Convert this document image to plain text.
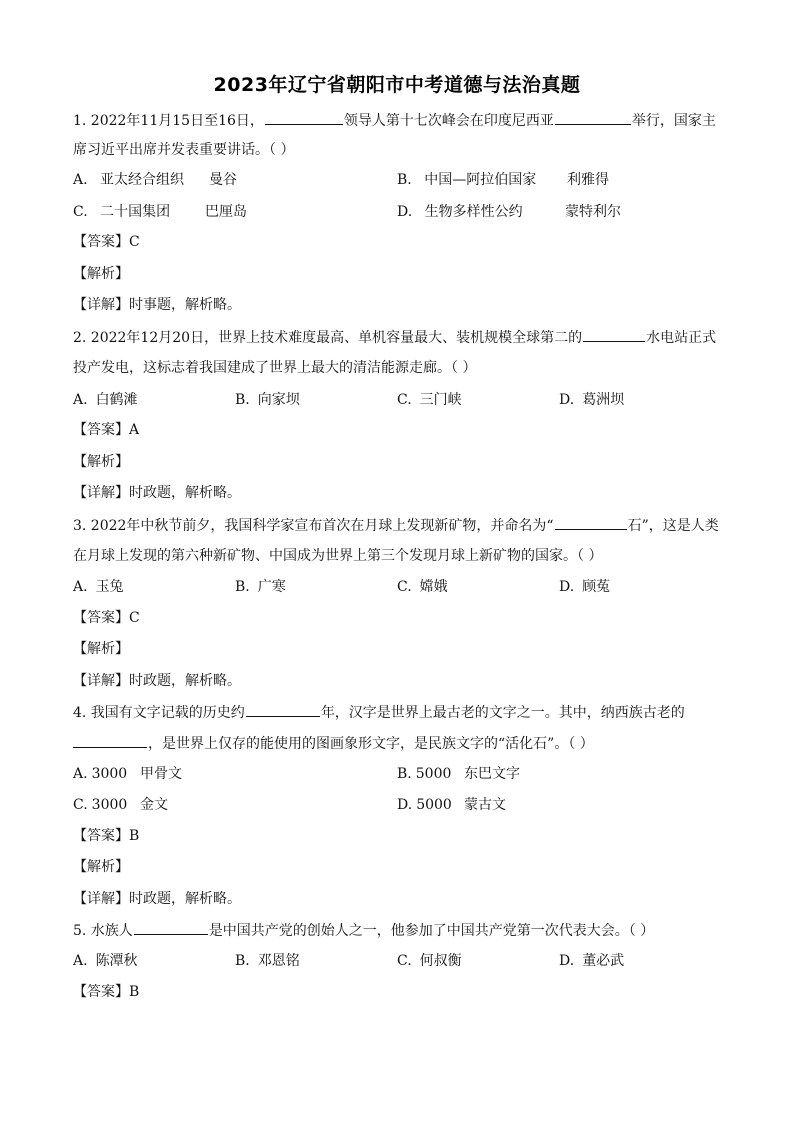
2023年辽宁省朝阳市中考道德与法治真题
1. 2022年11月15日至16日，	领导人第十七次峰会在印度尼西亚	举行，国家主
席习近平出席并发表重要讲话。（ ）
A. 亚太经合组织 曼谷	B. 中国—阿拉伯国家 利雅得
C. 二十国集团 巴厘岛	D. 生物多样性公约	蒙特利尔
【答案】C
【解析】
【详解】时事题，解析略。
2. 2022年12月20日，世界上技术难度最高、单机容量最大、装机规模全球第二的	水电站正式
投产发电，这标志着我国建成了世界上最大的清洁能源走廊。（ ）
A. 白鹤滩	B. 向家坝	C. 三门峡	D. 葛洲坝
【答案】A
【解析】
【详解】时政题，解析略。
3. 2022年中秋节前夕，我国科学家宣布首次在月球上发现新矿物，并命名为“	石”，这是人类
在月球上发现的第六种新矿物、中国成为世界上第三个发现月球上新矿物的国家。（ ）
A. 玉兔	B. 广寒	C. 嫦娥	D. 顾菟
【答案】C
【解析】
【详解】时政题，解析略。
4. 我国有文字记载的历史约	年，汉字是世界上最古老的文字之一。其中，纳西族古老的
，是世界上仅存的能使用的图画象形文字，是民族文字的“活化石”。（ ）
A. 3000 甲骨文	B. 5000 东巴文字
C. 3000 金文	D. 5000 蒙古文
【答案】B
【解析】
【详解】时政题，解析略。
5. 水族人	是中国共产党的创始人之一，他参加了中国共产党第一次代表大会。（ ）
A. 陈潭秋	B. 邓恩铭	C. 何叔衡	D. 董必武
【答案】B
